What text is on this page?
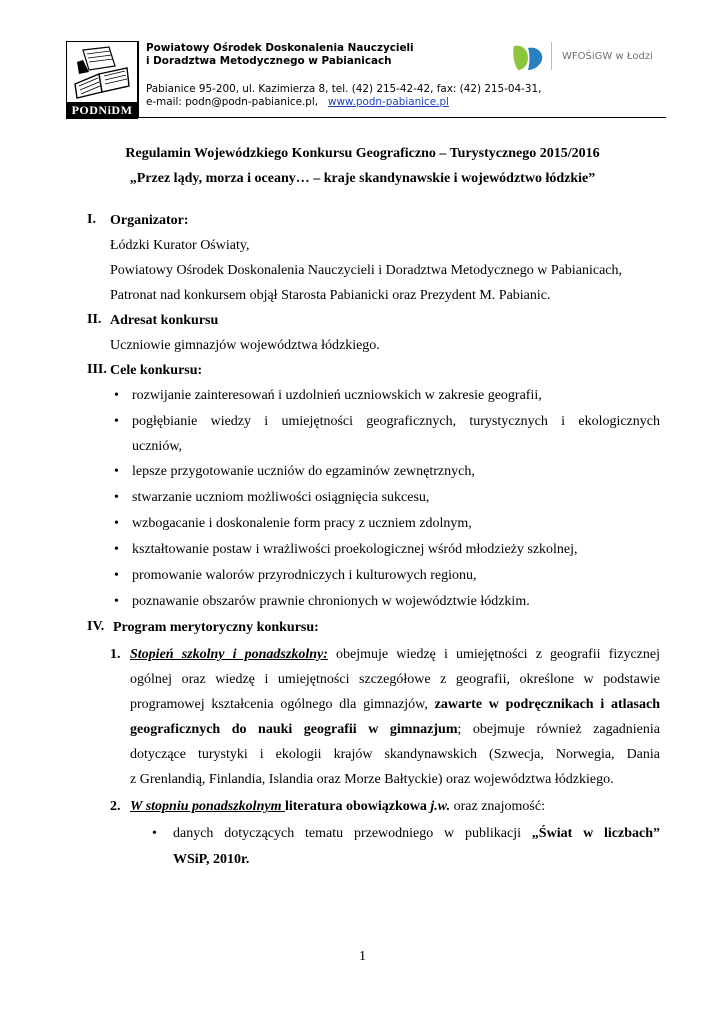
PODNiDM
Powiatowy Ośrodek Doskonalenia Nauczycieli
i Doradztwa Metodycznego w Pabianicach
Pabianice 95-200, ul. Kazimierza 8, tel. (42) 215-42-42, fax: (42) 215-04-31,
e-mail: podn@podn-pabianice.pl, www.podn-pabianice.pl
WFOŚiGW w Łodzi
Regulamin Wojewódzkiego Konkursu Geograficzno – Turystycznego 2015/2016
„Przez lądy, morza i oceany… – kraje skandynawskie i województwo łódzkie”
I. Organizator:
Łódzki Kurator Oświaty,
Powiatowy Ośrodek Doskonalenia Nauczycieli i Doradztwa Metodycznego w Pabianicach,
Patronat nad konkursem objął Starosta Pabianicki oraz Prezydent M. Pabianic.
II. Adresat konkursu
Uczniowie gimnazjów województwa łódzkiego.
III. Cele konkursu:
• rozwijanie zainteresowań i uzdolnień uczniowskich w zakresie geografii,
• pogłębianie wiedzy i umiejętności geograficznych, turystycznych i ekologicznych
uczniów,
• lepsze przygotowanie uczniów do egzaminów zewnętrznych,
• stwarzanie uczniom możliwości osiągnięcia sukcesu,
• wzbogacanie i doskonalenie form pracy z uczniem zdolnym,
• kształtowanie postaw i wrażliwości proekologicznej wśród młodzieży szkolnej,
• promowanie walorów przyrodniczych i kulturowych regionu,
• poznawanie obszarów prawnie chronionych w województwie łódzkim.
IV. Program merytoryczny konkursu:
1. Stopień szkolny i ponadszkolny: obejmuje wiedzę i umiejętności z geografii fizycznej
ogólnej oraz wiedzę i umiejętności szczegółowe z geografii, określone w podstawie
programowej kształcenia ogólnego dla gimnazjów, zawarte w podręcznikach i atlasach
geograficznych do nauki geografii w gimnazjum; obejmuje również zagadnienia
dotyczące turystyki i ekologii krajów skandynawskich (Szwecja, Norwegia, Dania
z Grenlandią, Finlandia, Islandia oraz Morze Bałtyckie) oraz województwa łódzkiego.
2. W stopniu ponadszkolnym literatura obowiązkowa j.w. oraz znajomość:
• danych dotyczących tematu przewodniego w publikacji „Świat w liczbach”
WSiP, 2010r.
1
